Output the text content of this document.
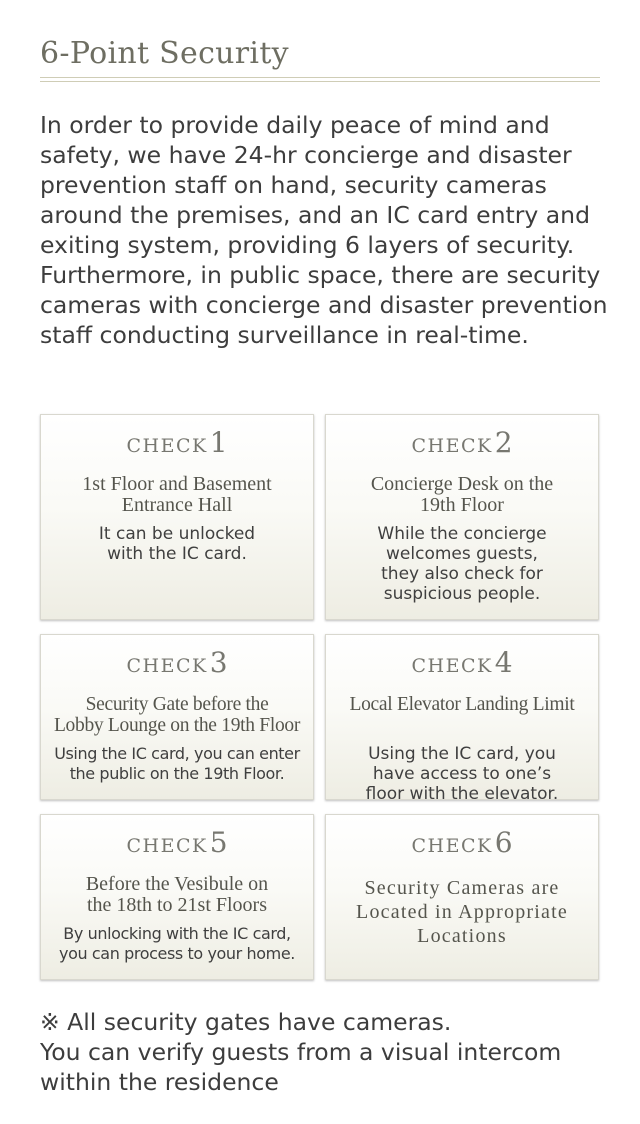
6-Point Security
In order to provide daily peace of mind and safety, we have 24-hr concierge and disaster prevention staff on hand, security cameras around the premises, and an IC card entry and exiting system, providing 6 layers of security. Furthermore, in public space, there are security cameras with concierge and disaster prevention staff conducting surveillance in real-time.
CHECK1
1st Floor and Basement
Entrance Hall
It can be unlocked
with the IC card.
CHECK2
Concierge Desk on the
19th Floor
While the concierge
welcomes guests,
they also check for
suspicious people.
CHECK3
Security Gate before the
Lobby Lounge on the 19th Floor
Using the IC card, you can enter
the public on the 19th Floor.
CHECK4
Local Elevator Landing Limit
Using the IC card, you
have access to one’s
floor with the elevator.
CHECK5
Before the Vesibule on
the 18th to 21st Floors
By unlocking with the IC card,
you can process to your home.
CHECK6
Security Cameras are
Located in Appropriate
Locations
※ All security gates have cameras.
You can verify guests from a visual intercom within the residence
